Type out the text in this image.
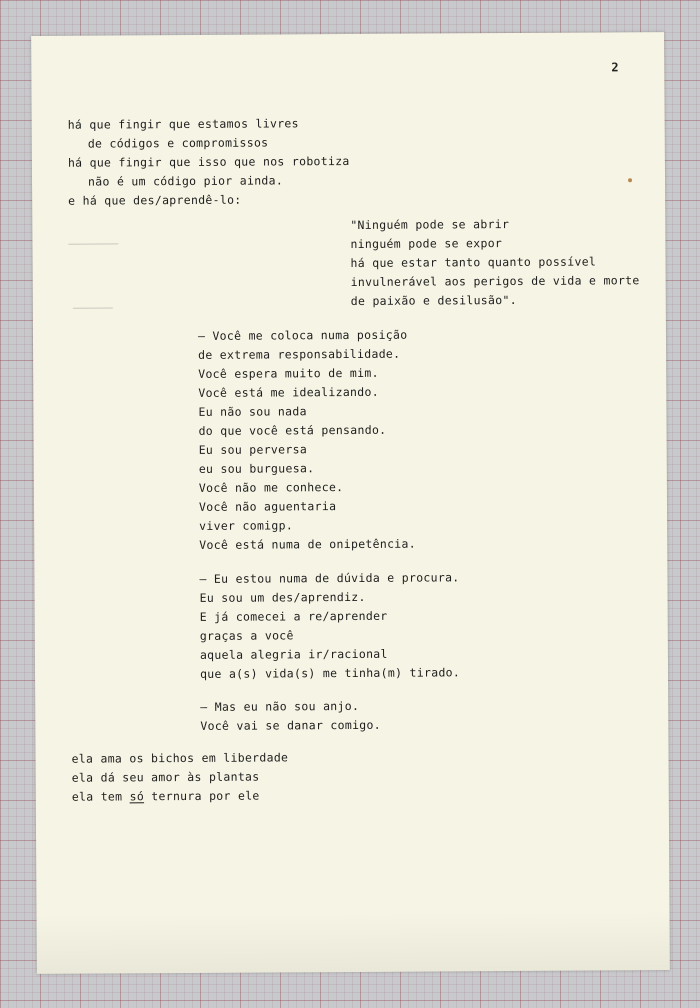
2
há que fingir que estamos livres
de códigos e compromissos
há que fingir que isso que nos robotiza
não é um código pior ainda.
e há que des/aprendê-lo:
"Ninguém pode se abrir
ninguém pode se expor
há que estar tanto quanto possível
invulnerável aos perigos de vida e morte
de paixão e desilusão".
— Você me coloca numa posição
de extrema responsabilidade.
Você espera muito de mim.
Você está me idealizando.
Eu não sou nada
do que você está pensando.
Eu sou perversa
eu sou burguesa.
Você não me conhece.
Você não aguentaria
viver comigp.
Você está numa de onipetência.
— Eu estou numa de dúvida e procura.
Eu sou um des/aprendiz.
E já comecei a re/aprender
graças a você
aquela alegria ir/racional
que a(s) vida(s) me tinha(m) tirado.
— Mas eu não sou anjo.
Você vai se danar comigo.
ela ama os bichos em liberdade
ela dá seu amor às plantas
ela tem só ternura por ele
